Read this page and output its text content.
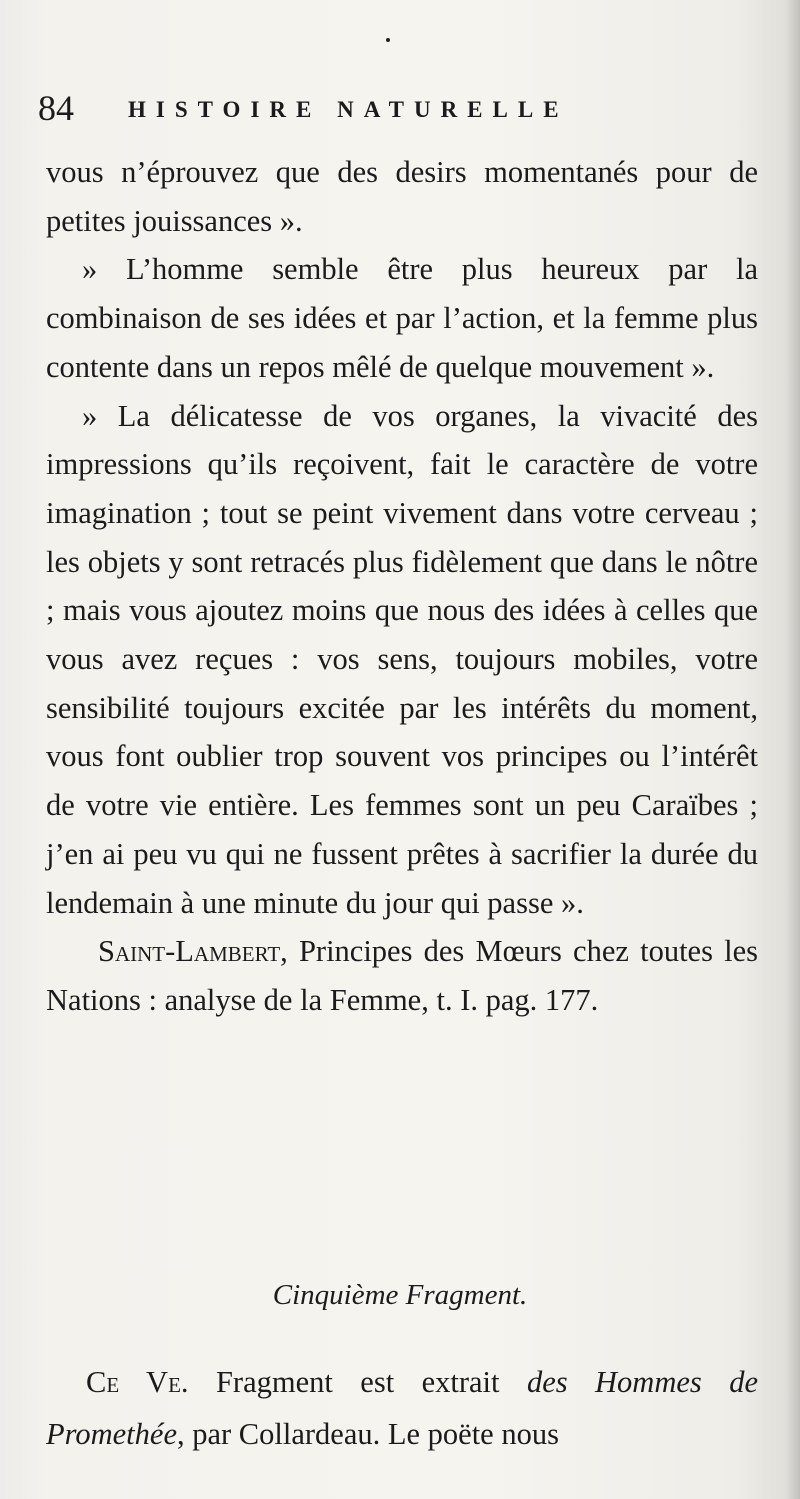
84 HISTOIRE NATURELLE

vous n’éprouvez que des desirs momentanés pour de petites jouissances ».

» L’homme semble être plus heureux par la combinaison de ses idées et par l’action, et la femme plus contente dans un repos mêlé de quelque mouvement ».

» La délicatesse de vos organes, la vivacité des impressions qu’ils reçoivent, fait le caractère de votre imagination ; tout se peint vivement dans votre cerveau ; les objets y sont retracés plus fidèlement que dans le nôtre ; mais vous ajoutez moins que nous des idées à celles que vous avez reçues : vos sens, toujours mobiles, votre sensibilité toujours excitée par les intérêts du moment, vous font oublier trop souvent vos principes ou l’intérêt de votre vie entière. Les femmes sont un peu Caraïbes ; j’en ai peu vu qui ne fussent prêtes à sacrifier la durée du lendemain à une minute du jour qui passe ».

Saint-Lambert, Principes des Mœurs chez toutes les Nations : analyse de la Femme, t. I. pag. 177.

Cinquième Fragment.

Ce Ve. Fragment est extrait des Hommes de Promethée, par Collardeau. Le poëte nous
